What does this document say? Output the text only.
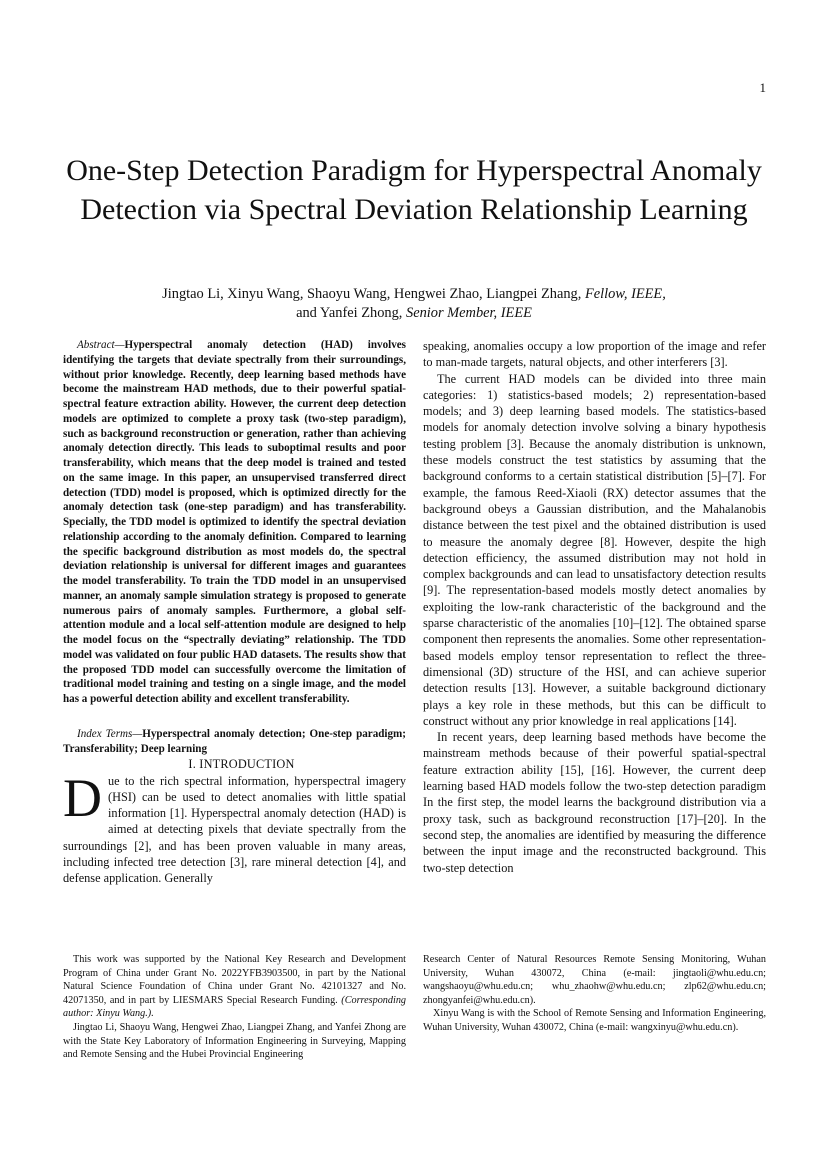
1
One-Step Detection Paradigm for Hyperspectral Anomaly Detection via Spectral Deviation Relationship Learning
Jingtao Li, Xinyu Wang, Shaoyu Wang, Hengwei Zhao, Liangpei Zhang, Fellow, IEEE,
and Yanfei Zhong, Senior Member, IEEE

Abstract—Hyperspectral anomaly detection (HAD) involves identifying the targets that deviate spectrally from their surroundings, without prior knowledge. Recently, deep learning based methods have become the mainstream HAD methods, due to their powerful spatial-spectral feature extraction ability. However, the current deep detection models are optimized to complete a proxy task (two-step paradigm), such as background reconstruction or generation, rather than achieving anomaly detection directly. This leads to suboptimal results and poor transferability, which means that the deep model is trained and tested on the same image. In this paper, an unsupervised transferred direct detection (TDD) model is proposed, which is optimized directly for the anomaly detection task (one-step paradigm) and has transferability. Specially, the TDD model is optimized to identify the spectral deviation relationship according to the anomaly definition. Compared to learning the specific background distribution as most models do, the spectral deviation relationship is universal for different images and guarantees the model transferability. To train the TDD model in an unsupervised manner, an anomaly sample simulation strategy is proposed to generate numerous pairs of anomaly samples. Furthermore, a global self-attention module and a local self-attention module are designed to help the model focus on the “spectrally deviating” relationship. The TDD model was validated on four public HAD datasets. The results show that the proposed TDD model can successfully overcome the limitation of traditional model training and testing on a single image, and the model has a powerful detection ability and excellent transferability.

Index Terms—Hyperspectral anomaly detection; One-step paradigm; Transferability; Deep learning

I. INTRODUCTION

Due to the rich spectral information, hyperspectral imagery (HSI) can be used to detect anomalies with little spatial information [1]. Hyperspectral anomaly detection (HAD) is aimed at detecting pixels that deviate spectrally from the surroundings [2], and has been proven valuable in many areas, including infected tree detection [3], rare mineral detection [4], and defense application. Generally

speaking, anomalies occupy a low proportion of the image and refer to man-made targets, natural objects, and other interferers [3].

The current HAD models can be divided into three main categories: 1) statistics-based models; 2) representation-based models; and 3) deep learning based models. The statistics-based models for anomaly detection involve solving a binary hypothesis testing problem [3]. Because the anomaly distribution is unknown, these models construct the test statistics by assuming that the background conforms to a certain statistical distribution [5]–[7]. For example, the famous Reed-Xiaoli (RX) detector assumes that the background obeys a Gaussian distribution, and the Mahalanobis distance between the test pixel and the obtained distribution is used to measure the anomaly degree [8]. However, despite the high detection efficiency, the assumed distribution may not hold in complex backgrounds and can lead to unsatisfactory detection results [9]. The representation-based models mostly detect anomalies by exploiting the low-rank characteristic of the background and the sparse characteristic of the anomalies [10]–[12]. The obtained sparse component then represents the anomalies. Some other representation-based models employ tensor representation to reflect the three-dimensional (3D) structure of the HSI, and can achieve superior detection results [13]. However, a suitable background dictionary plays a key role in these methods, but this can be difficult to construct without any prior knowledge in real applications [14].

In recent years, deep learning based methods have become the mainstream methods because of their powerful spatial-spectral feature extraction ability [15], [16]. However, the current deep learning based HAD models follow the two-step detection paradigm In the first step, the model learns the background distribution via a proxy task, such as background reconstruction [17]–[20]. In the second step, the anomalies are identified by measuring the difference between the input image and the reconstructed background. This two-step detection

This work was supported by the National Key Research and Development Program of China under Grant No. 2022YFB3903500, in part by the National Natural Science Foundation of China under Grant No. 42101327 and No. 42071350, and in part by LIESMARS Special Research Funding. (Corresponding author: Xinyu Wang.).

Jingtao Li, Shaoyu Wang, Hengwei Zhao, Liangpei Zhang, and Yanfei Zhong are with the State Key Laboratory of Information Engineering in Surveying, Mapping and Remote Sensing and the Hubei Provincial Engineering

Research Center of Natural Resources Remote Sensing Monitoring, Wuhan University, Wuhan 430072, China (e-mail: jingtaoli@whu.edu.cn; wangshaoyu@whu.edu.cn; whu_zhaohw@whu.edu.cn; zlp62@whu.edu.cn; zhongyanfei@whu.edu.cn).

Xinyu Wang is with the School of Remote Sensing and Information Engineering, Wuhan University, Wuhan 430072, China (e-mail: wangxinyu@whu.edu.cn).
